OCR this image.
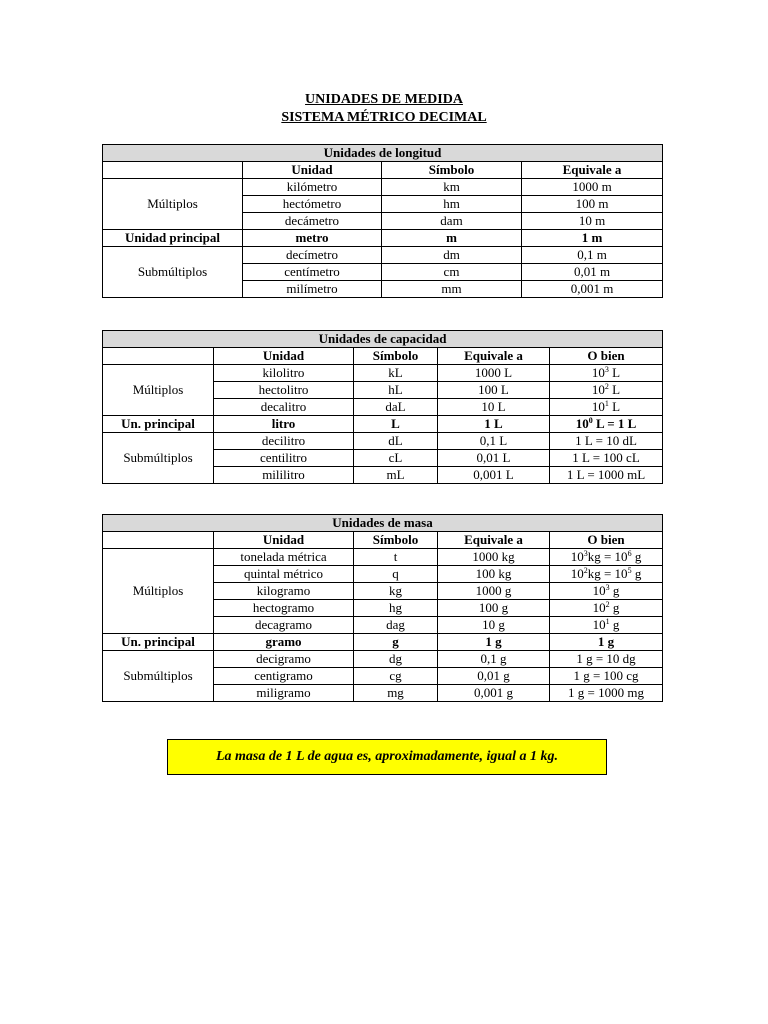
UNIDADES DE MEDIDA
SISTEMA MÉTRICO DECIMAL
Unidades de longitud			
	Unidad	Símbolo	Equivale a
Múltiplos	kilómetro	km	1000 m
	hectómetro	hm	100 m
	decámetro	dam	10 m
Unidad principal	metro	m	1 m
Submúltiplos	decímetro	dm	0,1 m
	centímetro	cm	0,01 m
	milímetro	mm	0,001 m
Unidades de capacidad				
	Unidad	Símbolo	Equivale a	O bien
Múltiplos	kilolitro	kL	1000 L	$10^3$ L
	hectolitro	hL	100 L	$10^2$ L
	decalitro	daL	10 L	$10^1$ L
Un. principal	litro	L	1 L	$10^0$ L = 1 L
Submúltiplos	decilitro	dL	0,1 L	1 L = 10 dL
	centilitro	cL	0,01 L	1 L = 100 cL
	mililitro	mL	0,001 L	1 L = 1000 mL
Unidades de masa				
	Unidad	Símbolo	Equivale a	O bien
Múltiplos	tonelada métrica	t	1000 kg	$10^3kg = 10^6$ g
	quintal métrico	q	100 kg	$10^2kg = 10^5$ g
	kilogramo	kg	1000 g	$10^3$ g
	hectogramo	hg	100 g	$10^2$ g
	decagramo	dag	10 g	$10^1$ g
Un. principal	gramo	g	1 g	1 g
Submúltiplos	decigramo	dg	0,1 g	1 g = 10 dg
	centigramo	cg	0,01 g	1 g = 100 cg
	miligramo	mg	0,001 g	1 g = 1000 mg
La masa de 1 L de agua es, aproximadamente, igual a 1 kg.
